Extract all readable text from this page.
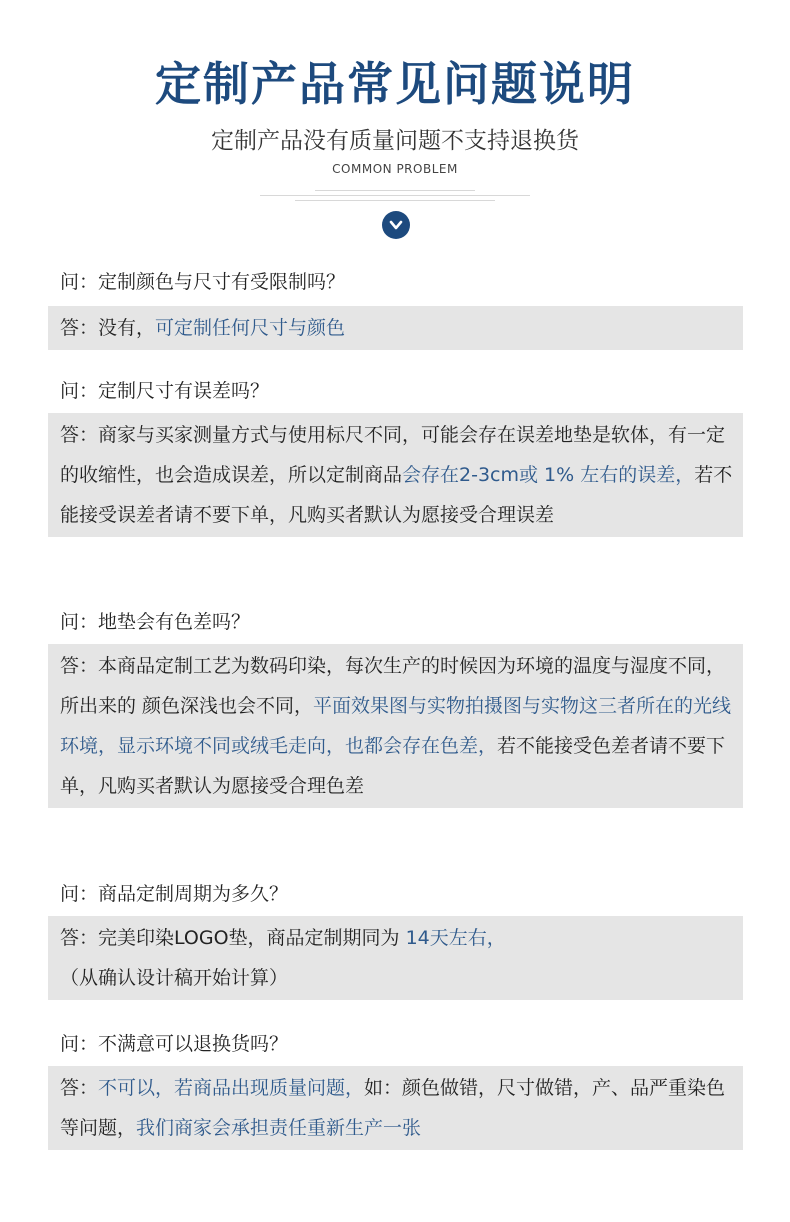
定制产品常见问题说明

定制产品没有质量问题不支持退换货

COMMON PROBLEM

问：定制颜色与尺寸有受限制吗？

答：没有，可定制任何尺寸与颜色

问：定制尺寸有误差吗？

答：商家与买家测量方式与使用标尺不同，可能会存在误差地垫是软体，有一定的收缩性，也会造成误差，所以定制商品会存在2-3cm或 1% 左右的误差，若不能接受误差者请不要下单，凡购买者默认为愿接受合理误差

问：地垫会有色差吗？

答：本商品定制工艺为数码印染，每次生产的时候因为环境的温度与湿度不同，所出来的 颜色深浅也会不同，平面效果图与实物拍摄图与实物这三者所在的光线环境，显示环境不同或绒毛走向，也都会存在色差，若不能接受色差者请不要下单，凡购买者默认为愿接受合理色差

问：商品定制周期为多久？

答：完美印染LOGO垫，商品定制期同为 14天左右， （从确认设计稿开始计算）

问：不满意可以退换货吗？

答：不可以，若商品出现质量问题，如：颜色做错，尺寸做错，产、品严重染色等问题，我们商家会承担责任重新生产一张
